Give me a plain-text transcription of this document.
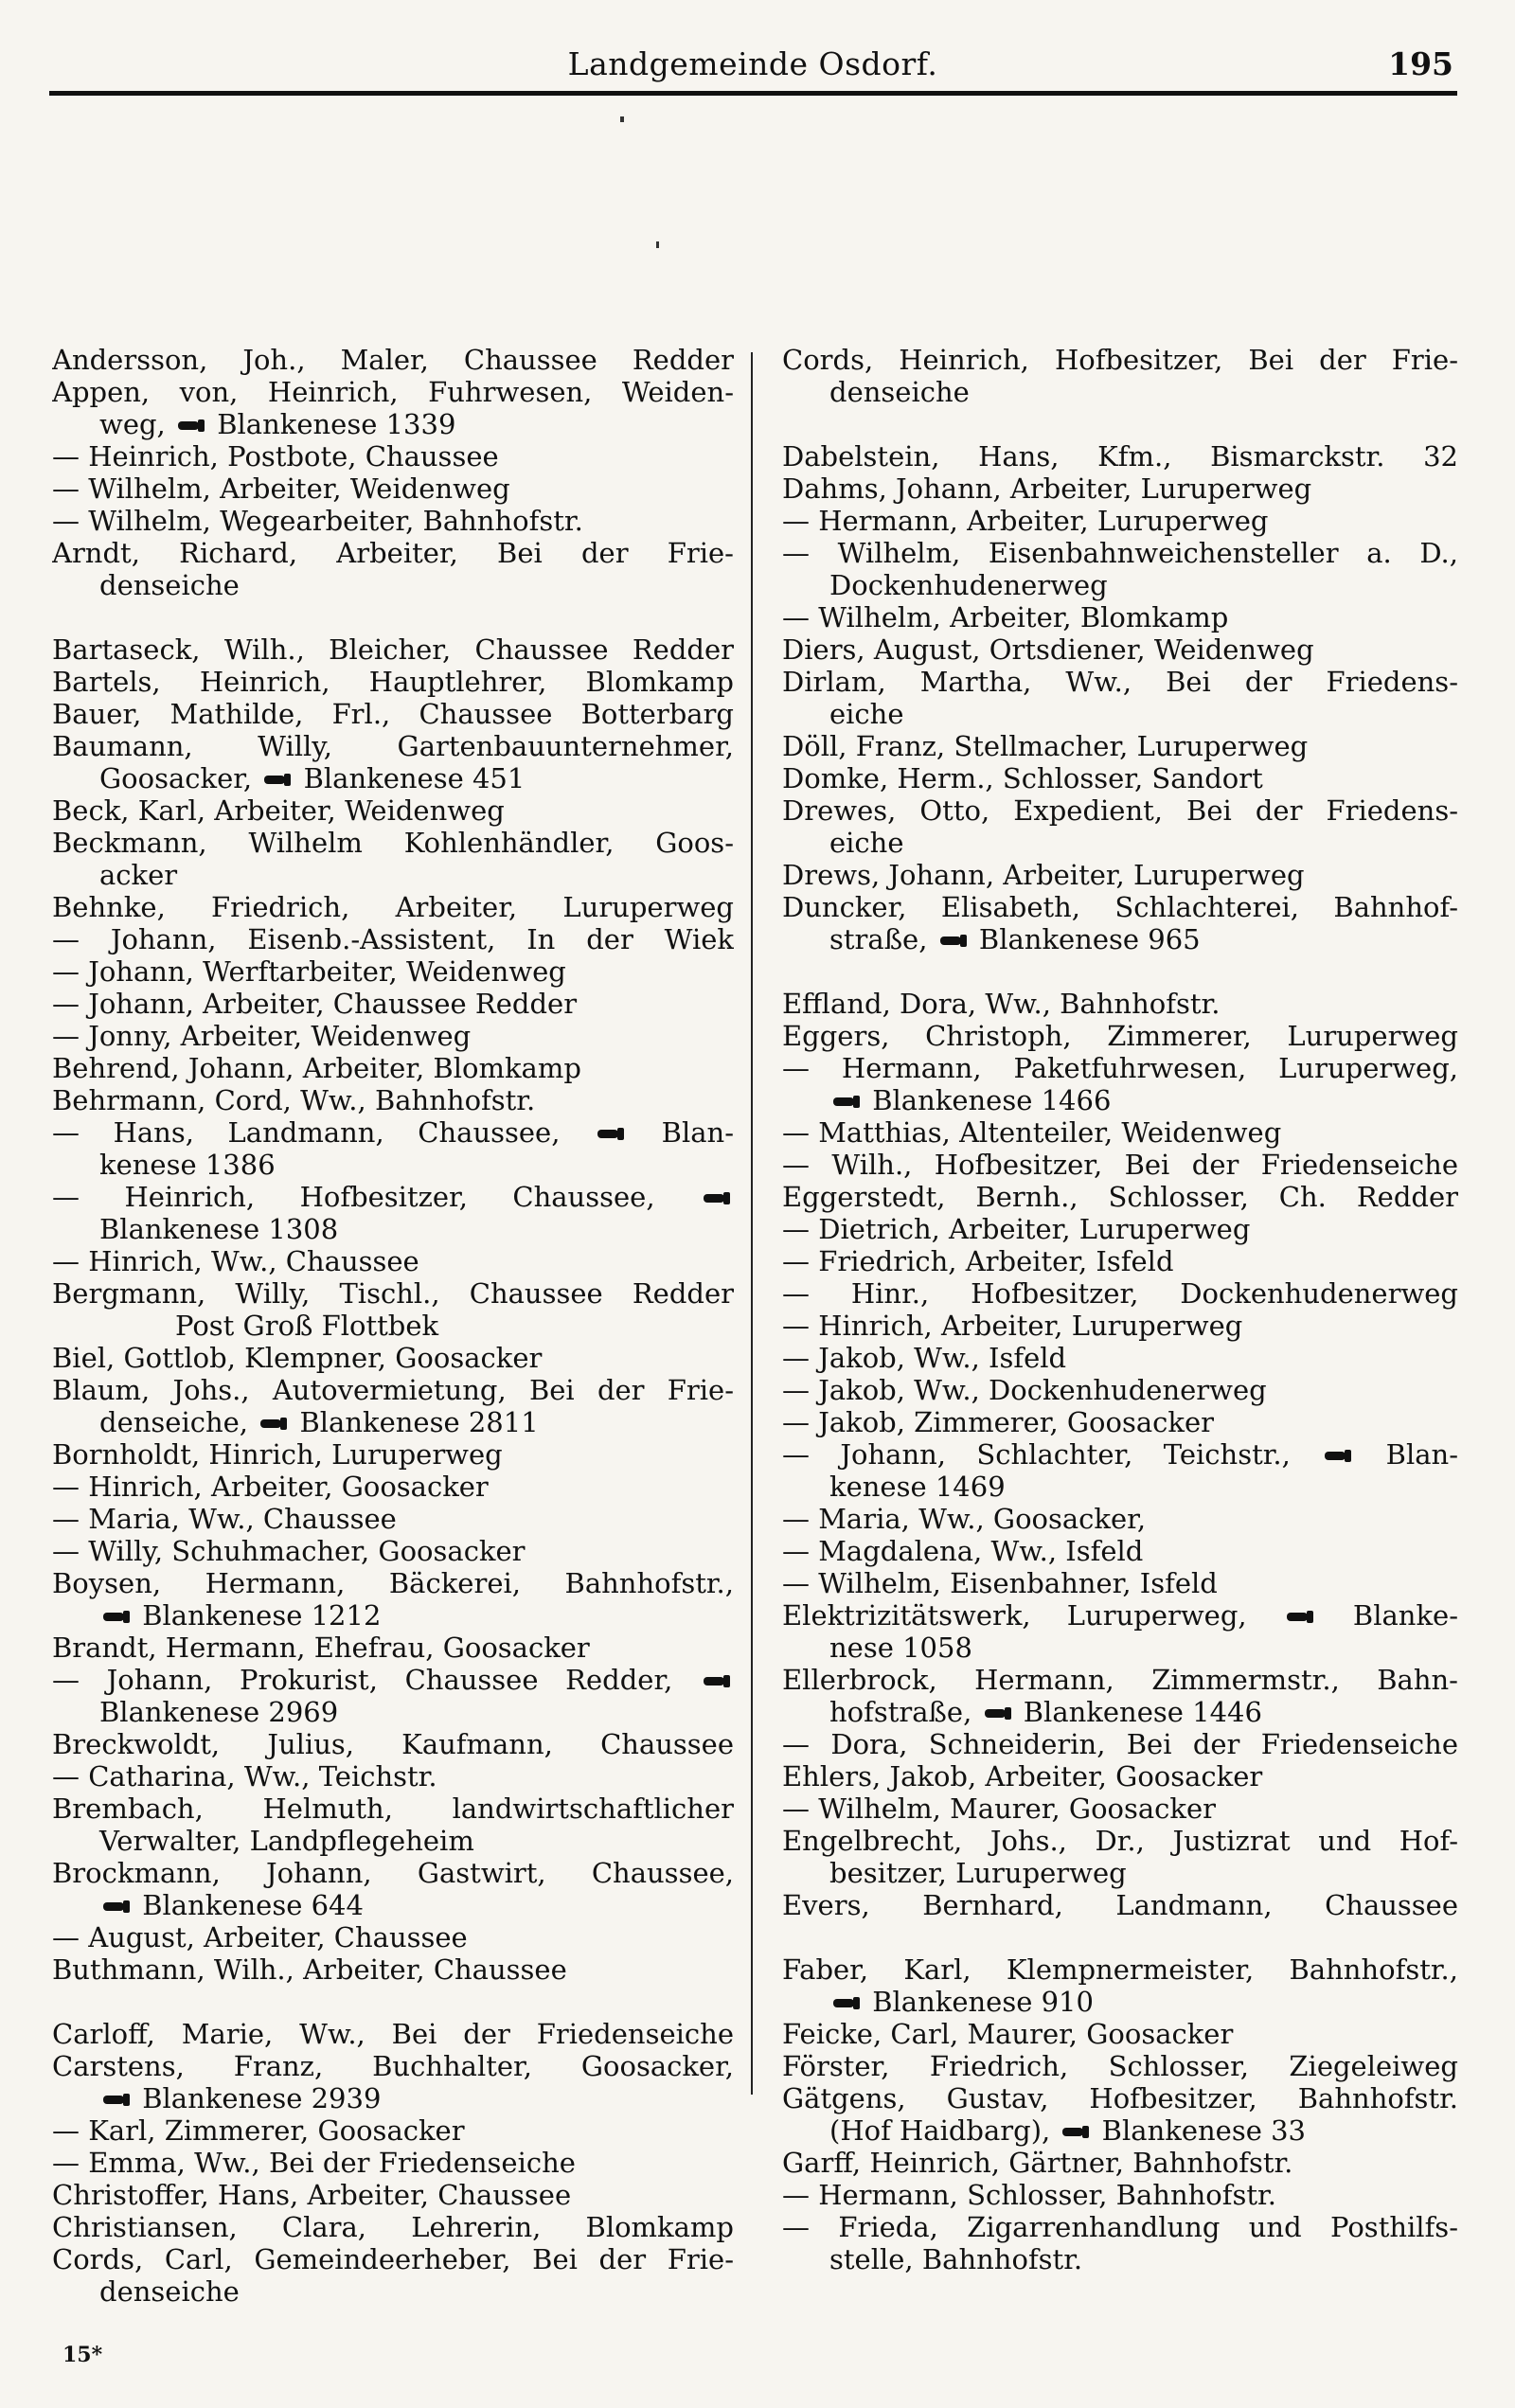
Landgemeinde Osdorf.	195
Andersson, Joh., Maler, Chaussee Redder
Appen, von, Heinrich, Fuhrwesen, Weiden-
weg,  Blankenese 1339
— Heinrich, Postbote, Chaussee
— Wilhelm, Arbeiter, Weidenweg
— Wilhelm, Wegearbeiter, Bahnhofstr.
Arndt, Richard, Arbeiter, Bei der Frie-
denseiche
Bartaseck, Wilh., Bleicher, Chaussee Redder
Bartels, Heinrich, Hauptlehrer, Blomkamp
Bauer, Mathilde, Frl., Chaussee Botterbarg
Baumann, Willy, Gartenbauunternehmer,
Goosacker,  Blankenese 451
Beck, Karl, Arbeiter, Weidenweg
Beckmann, Wilhelm Kohlenhändler, Goos-
acker
Behnke, Friedrich, Arbeiter, Luruperweg
— Johann, Eisenb.-Assistent, In der Wiek
— Johann, Werftarbeiter, Weidenweg
— Johann, Arbeiter, Chaussee Redder
— Jonny, Arbeiter, Weidenweg
Behrend, Johann, Arbeiter, Blomkamp
Behrmann, Cord, Ww., Bahnhofstr.
— Hans, Landmann, Chaussee,  Blan-
kenese 1386
— Heinrich, Hofbesitzer, Chaussee,
Blankenese 1308
— Hinrich, Ww., Chaussee
Bergmann, Willy, Tischl., Chaussee Redder
Post Groß Flottbek
Biel, Gottlob, Klempner, Goosacker
Blaum, Johs., Autovermietung, Bei der Frie-
denseiche,  Blankenese 2811
Bornholdt, Hinrich, Luruperweg
— Hinrich, Arbeiter, Goosacker
— Maria, Ww., Chaussee
— Willy, Schuhmacher, Goosacker
Boysen, Hermann, Bäckerei, Bahnhofstr.,
Blankenese 1212
Brandt, Hermann, Ehefrau, Goosacker
— Johann, Prokurist, Chaussee Redder,
Blankenese 2969
Breckwoldt, Julius, Kaufmann, Chaussee
— Catharina, Ww., Teichstr.
Brembach, Helmuth, landwirtschaftlicher
Verwalter, Landpflegeheim
Brockmann, Johann, Gastwirt, Chaussee,
Blankenese 644
— August, Arbeiter, Chaussee
Buthmann, Wilh., Arbeiter, Chaussee
Carloff, Marie, Ww., Bei der Friedenseiche
Carstens, Franz, Buchhalter, Goosacker,
Blankenese 2939
— Karl, Zimmerer, Goosacker
— Emma, Ww., Bei der Friedenseiche
Christoffer, Hans, Arbeiter, Chaussee
Christiansen, Clara, Lehrerin, Blomkamp
Cords, Carl, Gemeindeerheber, Bei der Frie-
denseiche
Cords, Heinrich, Hofbesitzer, Bei der Frie-
denseiche
Dabelstein, Hans, Kfm., Bismarckstr. 32
Dahms, Johann, Arbeiter, Luruperweg
— Hermann, Arbeiter, Luruperweg
— Wilhelm, Eisenbahnweichensteller a. D.,
Dockenhudenerweg
— Wilhelm, Arbeiter, Blomkamp
Diers, August, Ortsdiener, Weidenweg
Dirlam, Martha, Ww., Bei der Friedens-
eiche
Döll, Franz, Stellmacher, Luruperweg
Domke, Herm., Schlosser, Sandort
Drewes, Otto, Expedient, Bei der Friedens-
eiche
Drews, Johann, Arbeiter, Luruperweg
Duncker, Elisabeth, Schlachterei, Bahnhof-
straße,  Blankenese 965
Effland, Dora, Ww., Bahnhofstr.
Eggers, Christoph, Zimmerer, Luruperweg
— Hermann, Paketfuhrwesen, Luruperweg,
Blankenese 1466
— Matthias, Altenteiler, Weidenweg
— Wilh., Hofbesitzer, Bei der Friedenseiche
Eggerstedt, Bernh., Schlosser, Ch. Redder
— Dietrich, Arbeiter, Luruperweg
— Friedrich, Arbeiter, Isfeld
— Hinr., Hofbesitzer, Dockenhudenerweg
— Hinrich, Arbeiter, Luruperweg
— Jakob, Ww., Isfeld
— Jakob, Ww., Dockenhudenerweg
— Jakob, Zimmerer, Goosacker
— Johann, Schlachter, Teichstr.,  Blan-
kenese 1469
— Maria, Ww., Goosacker,
— Magdalena, Ww., Isfeld
— Wilhelm, Eisenbahner, Isfeld
Elektrizitätswerk, Luruperweg,  Blanke-
nese 1058
Ellerbrock, Hermann, Zimmermstr., Bahn-
hofstraße,  Blankenese 1446
— Dora, Schneiderin, Bei der Friedenseiche
Ehlers, Jakob, Arbeiter, Goosacker
— Wilhelm, Maurer, Goosacker
Engelbrecht, Johs., Dr., Justizrat und Hof-
besitzer, Luruperweg
Evers, Bernhard, Landmann, Chaussee
Faber, Karl, Klempnermeister, Bahnhofstr.,
Blankenese 910
Feicke, Carl, Maurer, Goosacker
Förster, Friedrich, Schlosser, Ziegeleiweg
Gätgens, Gustav, Hofbesitzer, Bahnhofstr.
(Hof Haidbarg),  Blankenese 33
Garff, Heinrich, Gärtner, Bahnhofstr.
— Hermann, Schlosser, Bahnhofstr.
— Frieda, Zigarrenhandlung und Posthilfs-
stelle, Bahnhofstr.
15*
